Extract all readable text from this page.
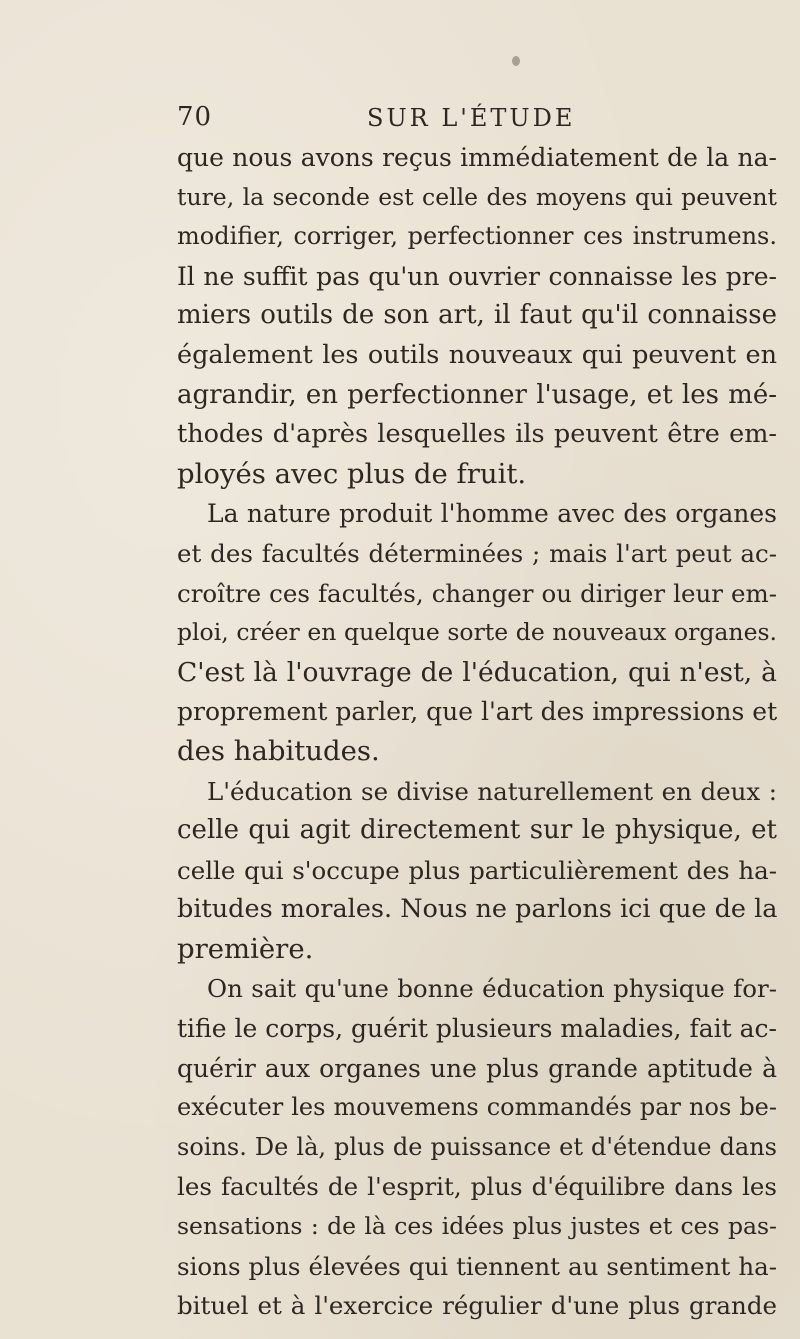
70	SUR L'ÉTUDE
que nous avons reçus immédiatement de la na-
ture, la seconde est celle des moyens qui peuvent
modifier, corriger, perfectionner ces instrumens.
Il ne suffit pas qu'un ouvrier connaisse les pre-
miers outils de son art, il faut qu'il connaisse
également les outils nouveaux qui peuvent en
agrandir, en perfectionner l'usage, et les mé-
thodes d'après lesquelles ils peuvent être em-
ployés avec plus de fruit.
La nature produit l'homme avec des organes
et des facultés déterminées ; mais l'art peut ac-
croître ces facultés, changer ou diriger leur em-
ploi, créer en quelque sorte de nouveaux organes.
C'est là l'ouvrage de l'éducation, qui n'est, à
proprement parler, que l'art des impressions et
des habitudes.
L'éducation se divise naturellement en deux :
celle qui agit directement sur le physique, et
celle qui s'occupe plus particulièrement des ha-
bitudes morales. Nous ne parlons ici que de la
première.
On sait qu'une bonne éducation physique for-
tifie le corps, guérit plusieurs maladies, fait ac-
quérir aux organes une plus grande aptitude à
exécuter les mouvemens commandés par nos be-
soins. De là, plus de puissance et d'étendue dans
les facultés de l'esprit, plus d'équilibre dans les
sensations : de là ces idées plus justes et ces pas-
sions plus élevées qui tiennent au sentiment ha-
bituel et à l'exercice régulier d'une plus grande
